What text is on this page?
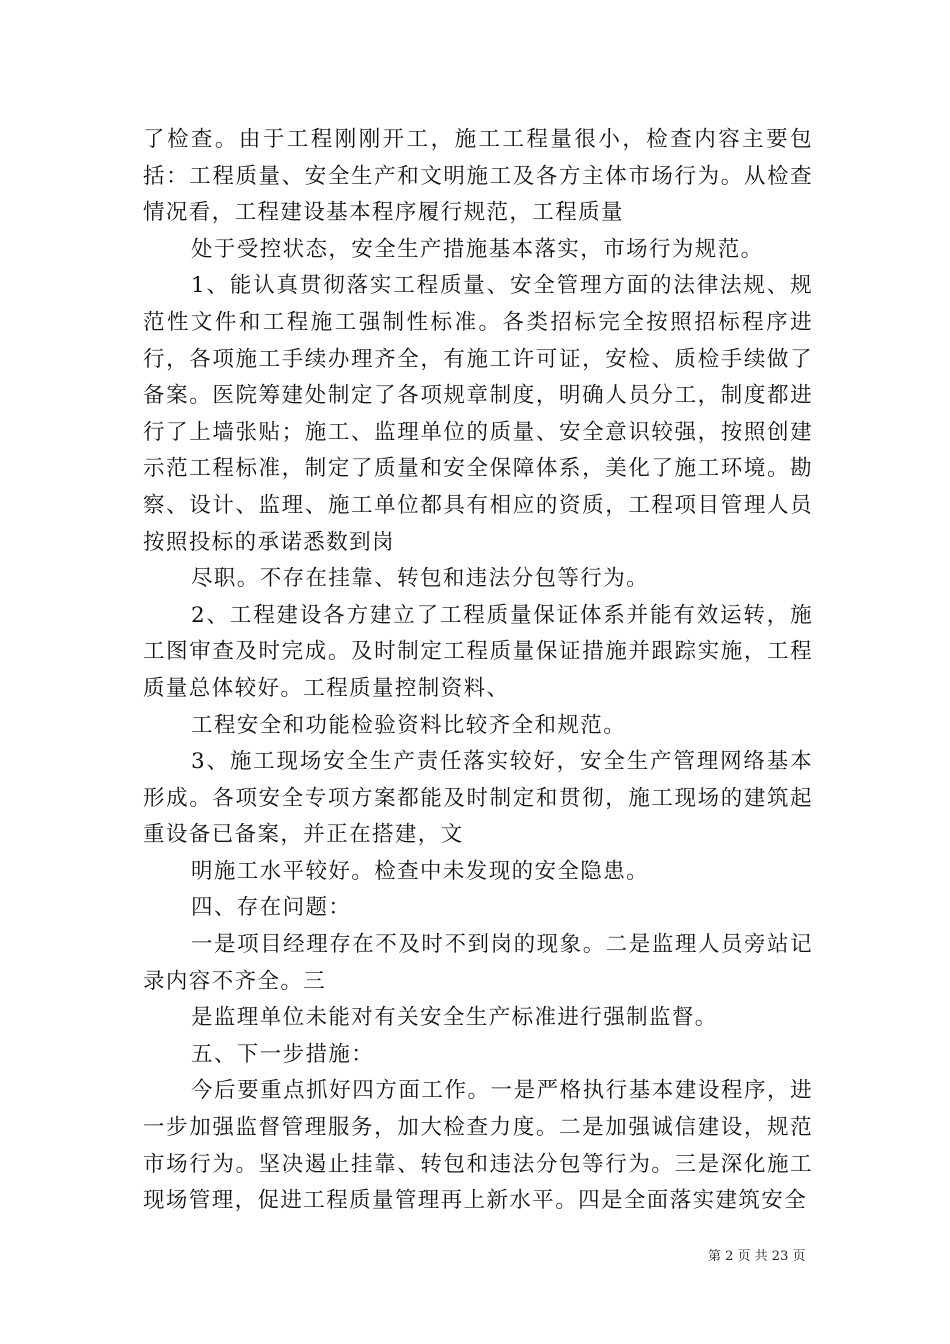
了检查。由于工程刚刚开工，施工工程量很小，检查内容主要包括：工程质量、安全生产和文明施工及各方主体市场行为。从检查情况看，工程建设基本程序履行规范，工程质量

处于受控状态，安全生产措施基本落实，市场行为规范。

1、能认真贯彻落实工程质量、安全管理方面的法律法规、规范性文件和工程施工强制性标准。各类招标完全按照招标程序进行，各项施工手续办理齐全，有施工许可证，安检、质检手续做了备案。医院筹建处制定了各项规章制度，明确人员分工，制度都进行了上墙张贴；施工、监理单位的质量、安全意识较强，按照创建示范工程标准，制定了质量和安全保障体系，美化了施工环境。勘察、设计、监理、施工单位都具有相应的资质，工程项目管理人员按照投标的承诺悉数到岗

尽职。不存在挂靠、转包和违法分包等行为。

2、工程建设各方建立了工程质量保证体系并能有效运转，施工图审查及时完成。及时制定工程质量保证措施并跟踪实施，工程质量总体较好。工程质量控制资料、

工程安全和功能检验资料比较齐全和规范。

3、施工现场安全生产责任落实较好，安全生产管理网络基本形成。各项安全专项方案都能及时制定和贯彻，施工现场的建筑起重设备已备案，并正在搭建，文

明施工水平较好。检查中未发现的安全隐患。

四、存在问题：

一是项目经理存在不及时不到岗的现象。二是监理人员旁站记录内容不齐全。三

是监理单位未能对有关安全生产标准进行强制监督。

五、下一步措施：

今后要重点抓好四方面工作。一是严格执行基本建设程序，进一步加强监督管理服务，加大检查力度。二是加强诚信建设，规范市场行为。坚决遏止挂靠、转包和违法分包等行为。三是深化施工现场管理，促进工程质量管理再上新水平。四是全面落实建筑安全

第 2 页 共 23 页
